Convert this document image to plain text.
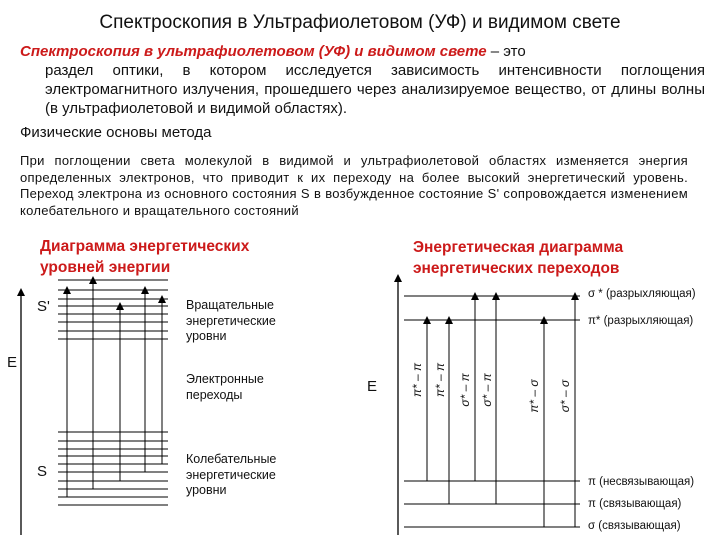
Спектроскопия в Ультрафиолетовом (УФ) и видимом свете
Спектроскопия в ультрафиолетовом (УФ) и видимом свете – это
раздел оптики, в котором исследуется зависимость интенсивности поглощения электромагнитного излучения, прошедшего через анализируемое вещество, от длины волны (в ультрафиолетовой и видимой областях).
Физические основы метода
При поглощении света молекулой в видимой и ультрафиолетовой областях изменяется энергия определенных электронов, что приводит к их переходу на более высокий энергетический уровень. Переход электрона из основного состояния S в возбужденное состояние S' сопровождается изменением колебательного и вращательного состояний
Диаграмма энергетических
уровней энергии
Энергетическая диаграмма
энергетических переходов
E
S'
S
Вращательные
энергетические
уровни
Электронные
переходы
Колебательные
энергетические
уровни
E
σ * (разрыхляющая)
π* (разрыхляющая)
π (несвязывающая)
π (связывающая)
σ (связывающая)
π* – π π* – π σ* – π σ* – π	π* – σ σ* – σ
